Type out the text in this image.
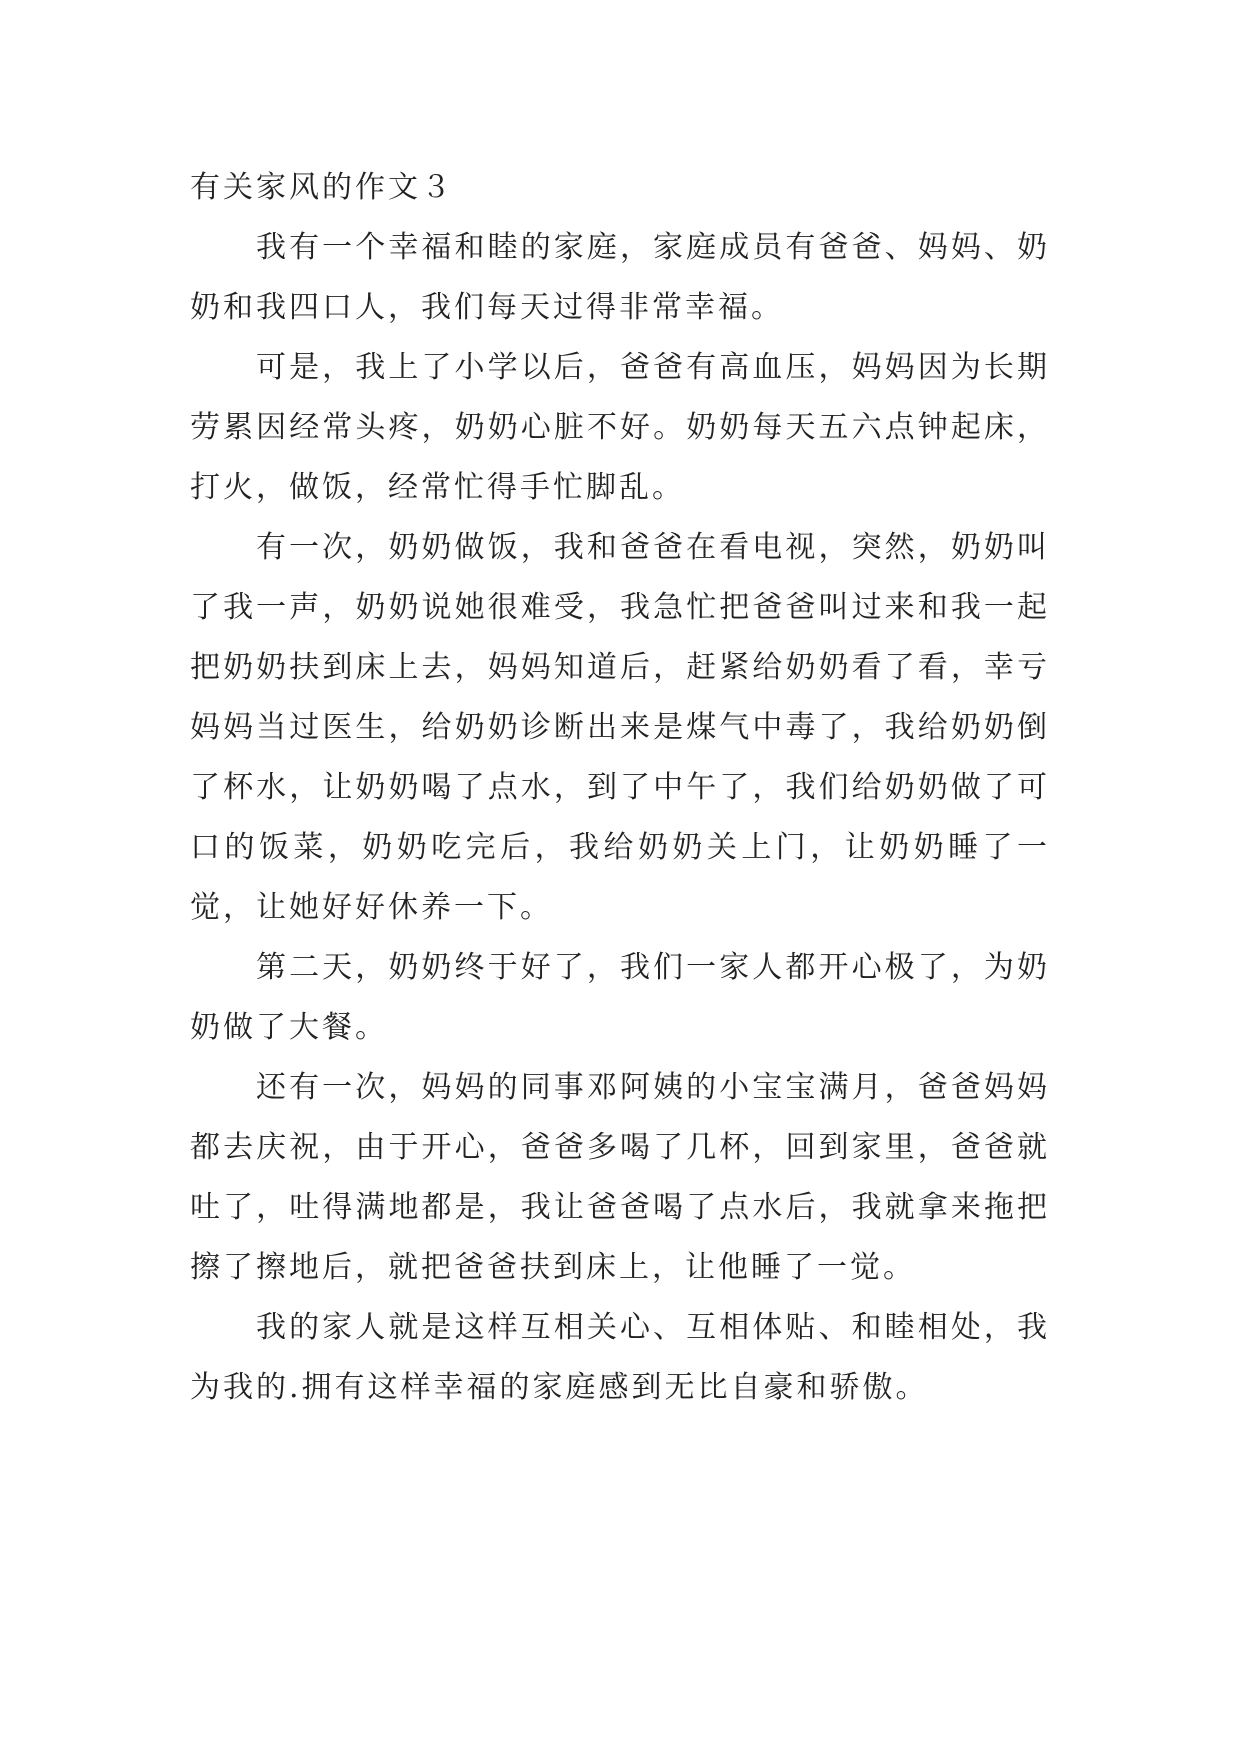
有关家风的作文３

我有一个幸福和睦的家庭，家庭成员有爸爸、妈妈、奶奶和我四口人，我们每天过得非常幸福。

可是，我上了小学以后，爸爸有高血压，妈妈因为长期劳累因经常头疼，奶奶心脏不好。奶奶每天五六点钟起床，打火，做饭，经常忙得手忙脚乱。

有一次，奶奶做饭，我和爸爸在看电视，突然，奶奶叫了我一声，奶奶说她很难受，我急忙把爸爸叫过来和我一起把奶奶扶到床上去，妈妈知道后，赶紧给奶奶看了看，幸亏妈妈当过医生，给奶奶诊断出来是煤气中毒了，我给奶奶倒了杯水，让奶奶喝了点水，到了中午了，我们给奶奶做了可口的饭菜，奶奶吃完后，我给奶奶关上门，让奶奶睡了一觉，让她好好休养一下。

第二天，奶奶终于好了，我们一家人都开心极了，为奶奶做了大餐。

还有一次，妈妈的同事邓阿姨的小宝宝满月，爸爸妈妈都去庆祝，由于开心，爸爸多喝了几杯，回到家里，爸爸就吐了，吐得满地都是，我让爸爸喝了点水后，我就拿来拖把擦了擦地后，就把爸爸扶到床上，让他睡了一觉。

我的家人就是这样互相关心、互相体贴、和睦相处，我为我的.拥有这样幸福的家庭感到无比自豪和骄傲。
